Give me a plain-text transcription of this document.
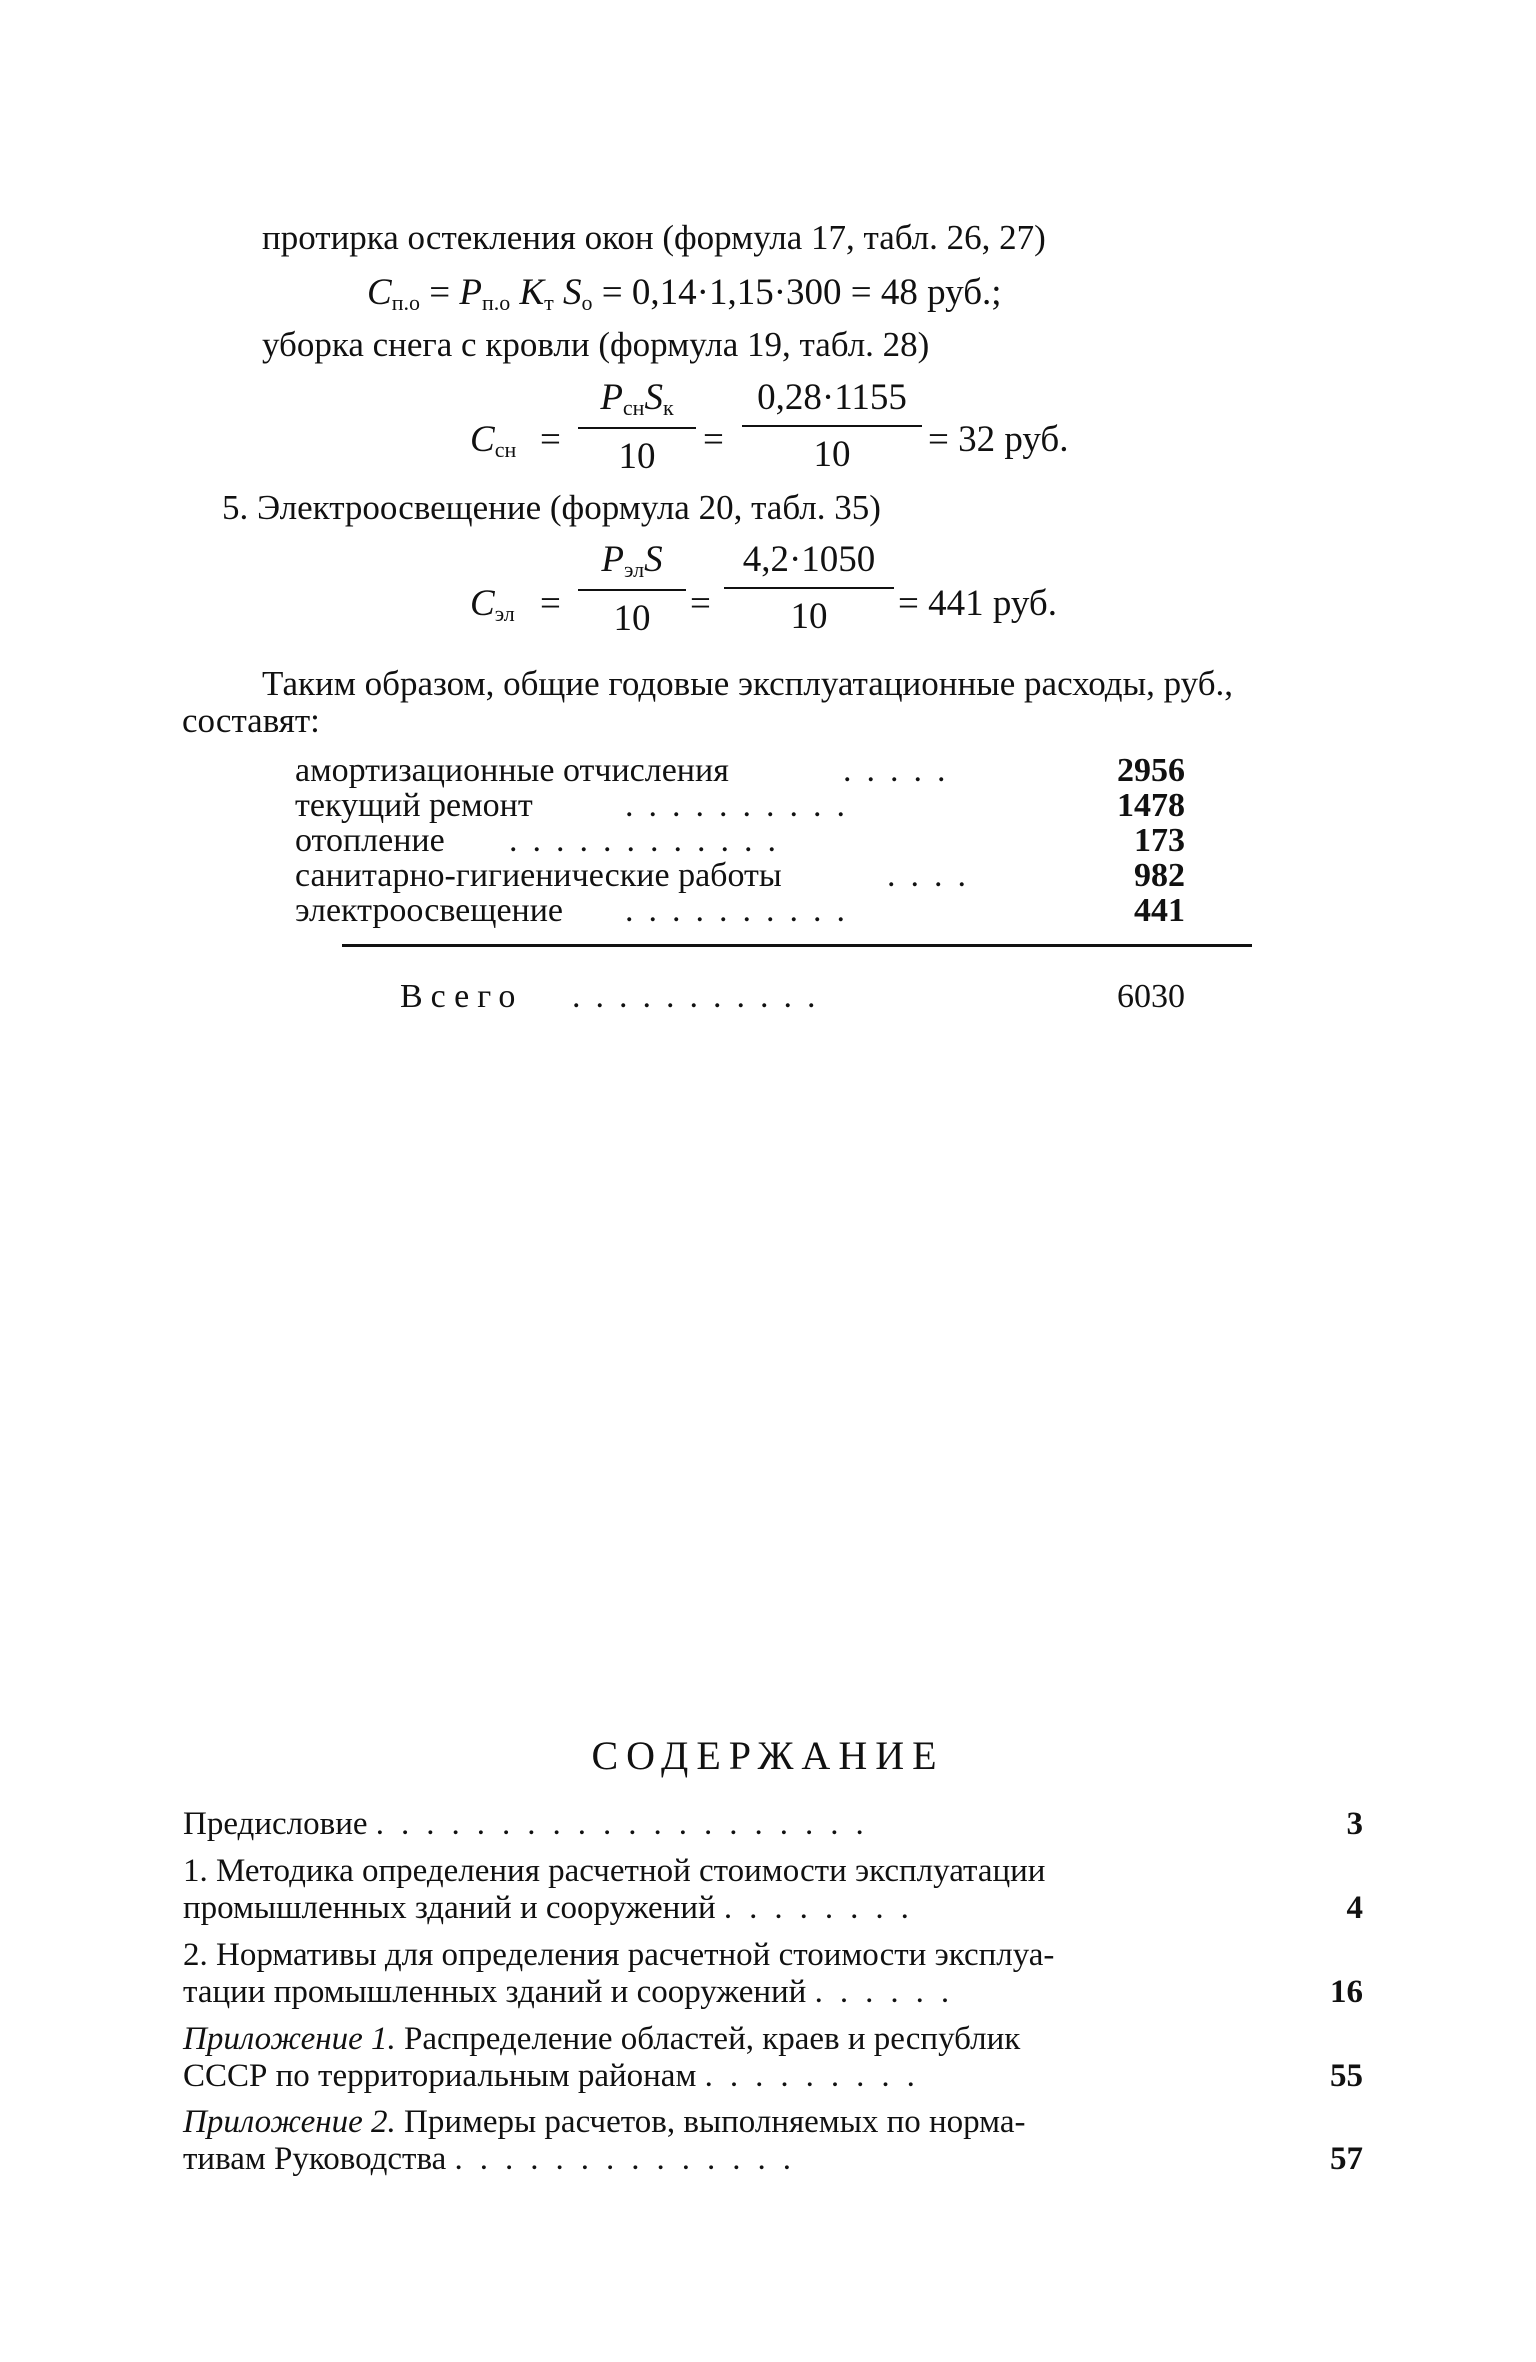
протирка остекления окон (формула 17, табл. 26, 27)
$C_{п.о} = P_{п.о}$ $K_т$ $S_о = 0,14\cdot 1,15\cdot 300 = 48$ руб.;
уборка снега с кровли (формула 19, табл. 28)
$C_{сн}$ =
$P_{сн}S_к$
10	=
0,28·1155
10	= 32 руб.
5. Электроосвещение (формула 20, табл. 35)
$C_{эл}$ =
$P_{эл}S$
10	=
4,2·1050
10	= 441 руб.
Таким образом, общие годовые эксплуатационные расходы, руб.,
составят:
амортизационные отчисления	.....	2956
текущий ремонт	..........	1478
отопление ............	173
санитарно-гигиенические работы	....	982
электроосвещение ..........	441
Всего ...........	6030
СОДЕРЖАНИЕ
Предисловие ....................	3
1. Методика определения расчетной стоимости эксплуатации
промышленных зданий и сооружений ........	4
2. Нормативы для определения расчетной стоимости эксплуа-
тации промышленных зданий и сооружений ......	16
Приложение 1. Распределение областей, краев и республик
СССР по территориальным районам .........	55
Приложение 2. Примеры расчетов, выполняемых по норма-
тивам Руководства ..............	57
